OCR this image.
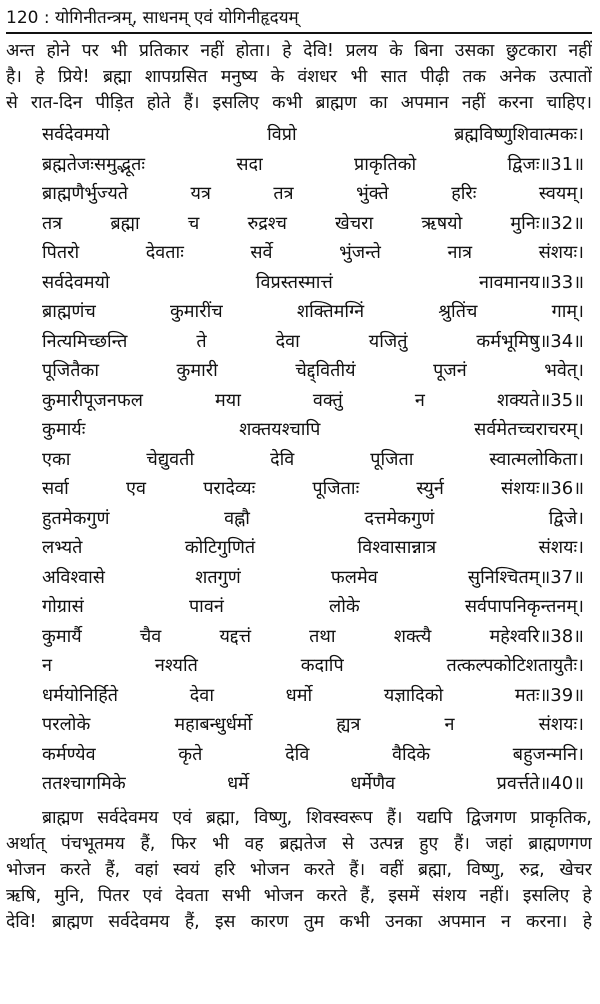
120 : योगिनीतन्त्रम्, साधनम् एवं योगिनीहृदयम्
अन्त होने पर भी प्रतिकार नहीं होता। हे देवि! प्रलय के बिना उसका छुटकारा नहीं
है। हे प्रिये! ब्रह्मा शापग्रसित मनुष्य के वंशधर भी सात पीढ़ी तक अनेक उत्पातों
से रात-दिन पीड़ित होते हैं। इसलिए कभी ब्राह्मण का अपमान नहीं करना चाहिए।
सर्वदेवमयो	विप्रो	ब्रह्मविष्णुशिवात्मकः।
ब्रह्मतेजःसमुद्भूतः	सदा	प्राकृतिको	द्विजः॥31॥
ब्राह्मणैर्भुज्यते	यत्र	तत्र	भुंक्ते	हरिः	स्वयम्।
तत्र	ब्रह्मा	च	रुद्रश्च	खेचरा	ऋषयो	मुनिः॥32॥
पितरो	देवताः	सर्वे	भुंजन्ते	नात्र	संशयः।
सर्वदेवमयो	विप्रस्तस्मात्तं	नावमानय॥33॥
ब्राह्मणंच	कुमारींच	शक्तिमग्निं	श्रुतिंच	गाम्।
नित्यमिच्छन्ति	ते	देवा	यजितुं	कर्मभूमिषु॥34॥
पूजितैका	कुमारी	चेद्द्वितीयं	पूजनं	भवेत्।
कुमारीपूजनफल	मया	वक्तुं	न	शक्यते॥35॥
कुमार्यः	शक्तयश्चापि	सर्वमेतच्चराचरम्।
एका	चेद्युवती	देवि	पूजिता	स्वात्मलोकिता।
सर्वा	एव	परादेव्यः	पूजिताः	स्युर्न	संशयः॥36॥
हुतमेकगुणं	वह्नौ	दत्तमेकगुणं	द्विजे।
लभ्यते	कोटिगुणितं	विश्वासान्नात्र	संशयः।
अविश्वासे	शतगुणं	फलमेव	सुनिश्चितम्॥37॥
गोग्रासं	पावनं	लोके	सर्वपापनिकृन्तनम्।
कुमार्यै	चैव	यद्दत्तं	तथा	शक्त्यै	महेश्वरि॥38॥
न	नश्यति	कदापि	तत्कल्पकोटिशतायुतैः।
धर्मयोनिर्हिते	देवा	धर्मो	यज्ञादिको	मतः॥39॥
परलोके	महाबन्धुर्धर्मो	ह्यत्र	न	संशयः।
कर्मण्येव	कृते	देवि	वैदिके	बहुजन्मनि।
ततश्चागमिके	धर्मे	धर्मेणैव	प्रवर्त्तते॥40॥
ब्राह्मण सर्वदेवमय एवं ब्रह्मा, विष्णु, शिवस्वरूप हैं। यद्यपि द्विजगण प्राकृतिक,
अर्थात् पंचभूतमय हैं, फिर भी वह ब्रह्मतेज से उत्पन्न हुए हैं। जहां ब्राह्मणगण
भोजन करते हैं, वहां स्वयं हरि भोजन करते हैं। वहीं ब्रह्मा, विष्णु, रुद्र, खेचर
ऋषि, मुनि, पितर एवं देवता सभी भोजन करते हैं, इसमें संशय नहीं। इसलिए हे
देवि! ब्राह्मण सर्वदेवमय हैं, इस कारण तुम कभी उनका अपमान न करना। हे
